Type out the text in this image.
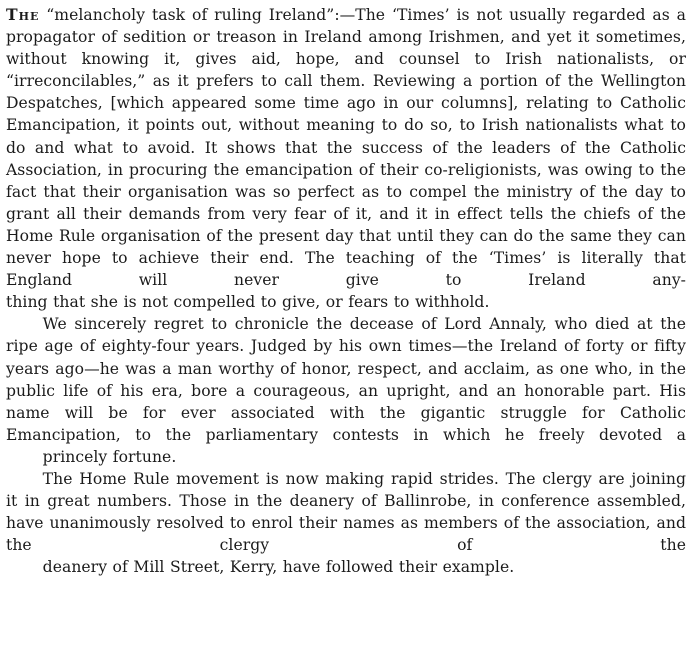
The “melancholy task of ruling Ireland”:—The ‘Times’ is not usually regarded as a propagator of sedition or treason in Ireland among Irishmen, and yet it sometimes, without knowing it, gives aid, hope, and counsel to Irish nationalists, or “irreconcilables,” as it prefers to call them. Reviewing a portion of the Wellington Despatches, [which appeared some time ago in our columns], relating to Catholic Emancipation, it points out, without meaning to do so, to Irish nationalists what to do and what to avoid. It shows that the success of the leaders of the Catholic Association, in procuring the emancipation of their co-religionists, was owing to the fact that their organisation was so perfect as to compel the ministry of the day to grant all their demands from very fear of it, and it in effect tells the chiefs of the Home Rule organisation of the present day that until they can do the same they can never hope to achieve their end. The teaching of the ‘Times’ is literally that England will never give to Ireland any-
thing that she is not compelled to give, or fears to withhold.

We sincerely regret to chronicle the decease of Lord Annaly, who died at the ripe age of eighty-four years. Judged by his own times—the Ireland of forty or fifty years ago—he was a man worthy of honor, respect, and acclaim, as one who, in the public life of his era, bore a courageous, an upright, and an honorable part. His name will be for ever associated with the gigantic struggle for Catholic Emancipation, to the parliamentary contests in which he freely devoted a
princely fortune.

The Home Rule movement is now making rapid strides. The clergy are joining it in great numbers. Those in the deanery of Ballinrobe, in conference assembled, have unanimously resolved to enrol their names as members of the association, and the clergy of the
deanery of Mill Street, Kerry, have followed their example.
